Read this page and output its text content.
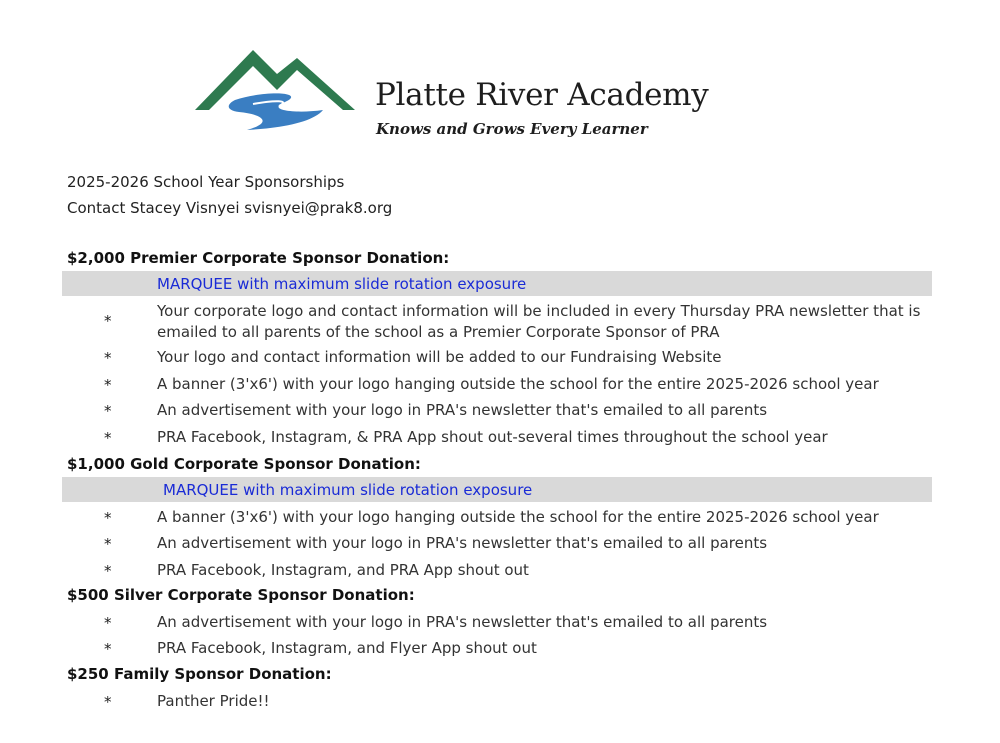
Platte River Academy
Knows and Grows Every Learner
2025-2026 School Year Sponsorships
Contact Stacey Visnyei svisnyei@prak8.org
$2,000 Premier Corporate Sponsor Donation:
MARQUEE with maximum slide rotation exposure
*
Your corporate logo and contact information will be included in every Thursday PRA newsletter that is emailed to all parents of the school as a Premier Corporate Sponsor of PRA
*	Your logo and contact information will be added to our Fundraising Website
*	A banner (3'x6') with your logo hanging outside the school for the entire 2025-2026 school year
*	An advertisement with your logo in PRA's newsletter that's emailed to all parents
*	PRA Facebook, Instagram, & PRA App shout out-several times throughout the school year
$1,000 Gold Corporate Sponsor Donation:
MARQUEE with maximum slide rotation exposure
*	A banner (3'x6') with your logo hanging outside the school for the entire 2025-2026 school year
*	An advertisement with your logo in PRA's newsletter that's emailed to all parents
*	PRA Facebook, Instagram, and PRA App shout out
$500 Silver Corporate Sponsor Donation:
*	An advertisement with your logo in PRA's newsletter that's emailed to all parents
*	PRA Facebook, Instagram, and Flyer App shout out
$250 Family Sponsor Donation:
*	Panther Pride!!
